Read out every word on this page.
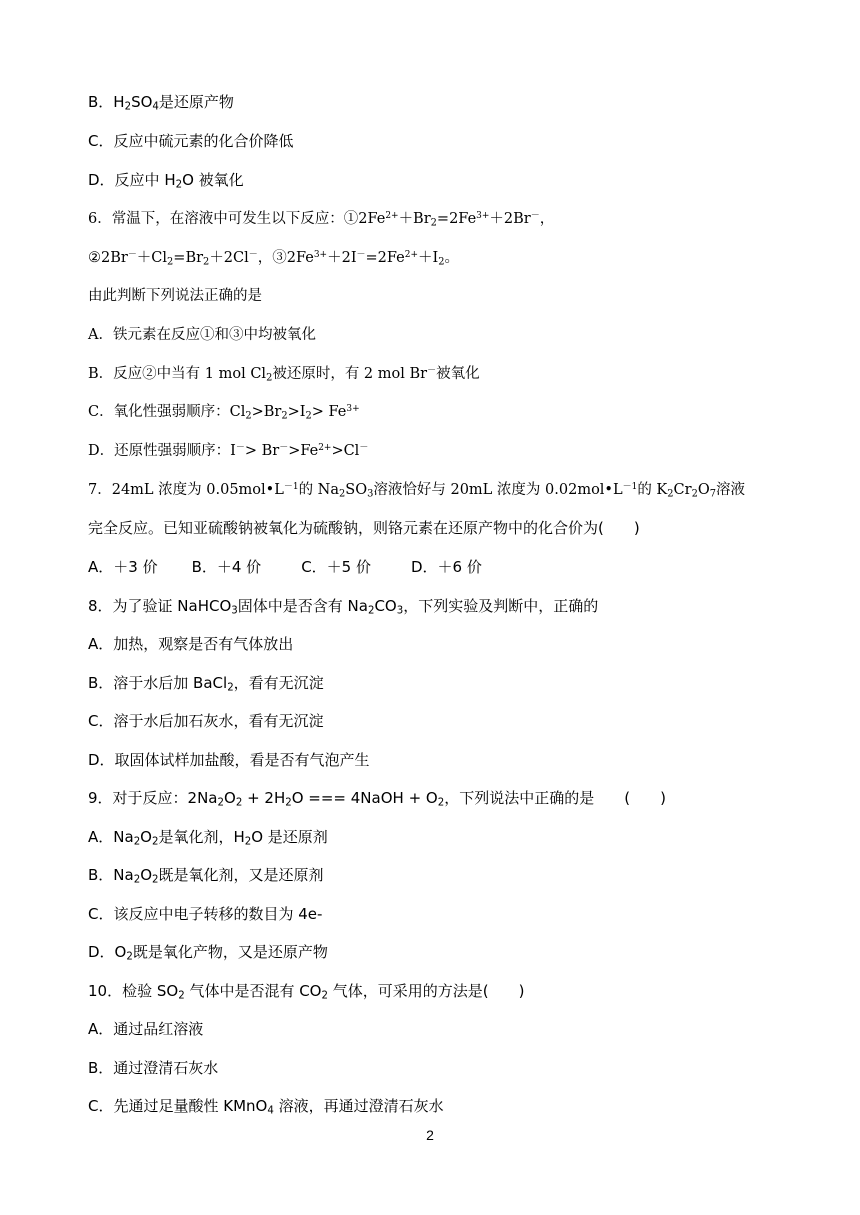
B．$H_2SO_4$是还原产物
C．反应中硫元素的化合价降低
D．反应中 $H_2O$ 被氧化
6．常温下，在溶液中可发生以下反应：$①2Fe^{2+}+Br_2=2Fe^{3+}+2Br^-$，
$②2Br^-+Cl_2=Br_2+2Cl^-$，$③2Fe^{3+}+2I^-=2Fe^{2+}+I_2$。
由此判断下列说法正确的是
A．铁元素在反应①和③中均被氧化
B．反应②中当有 1 mol $Cl_2$被还原时，有 2 mol Br－被氧化
C．氧化性强弱顺序：$Cl_2>Br_2>I_2> Fe^{3+}$
D．还原性强弱顺序：$I^-> Br^->Fe^{2+}>Cl^-$
7．24mL 浓度为 $0.05mol•L^{-1}$的 $Na_2SO_3$溶液恰好与 20mL 浓度为 $0.02mol•L^{-1}$的 $K_2Cr_2O_7$溶液
完全反应。已知亚硫酸钠被氧化为硫酸钠，则铬元素在还原产物中的化合价为(　　)
A．＋3 价 B．＋4 价	C．＋5 价	D．＋6 价
8．为了验证 NaHCO$_3$固体中是否含有 $Na_2CO_3$，下列实验及判断中，正确的
A．加热，观察是否有气体放出
B．溶于水后加 BaCl$_2$，看有无沉淀
C．溶于水后加石灰水，看有无沉淀
D．取固体试样加盐酸，看是否有气泡产生
9．对于反应：$2Na_2O_2 + 2H_2O$ === 4NaOH + $O_2$，下列说法中正确的是　　(　　)
A．$Na_2O_2$是氧化剂，$H_2O$ 是还原剂
B．$Na_2O_2$既是氧化剂，又是还原剂
C．该反应中电子转移的数目为 4e-
D．$O_2$既是氧化产物，又是还原产物
10．检验 $SO_2$ 气体中是否混有 $CO_2$ 气体，可采用的方法是(　　)
A．通过品红溶液
B．通过澄清石灰水
C．先通过足量酸性 KMnO$_4$ 溶液，再通过澄清石灰水
2
